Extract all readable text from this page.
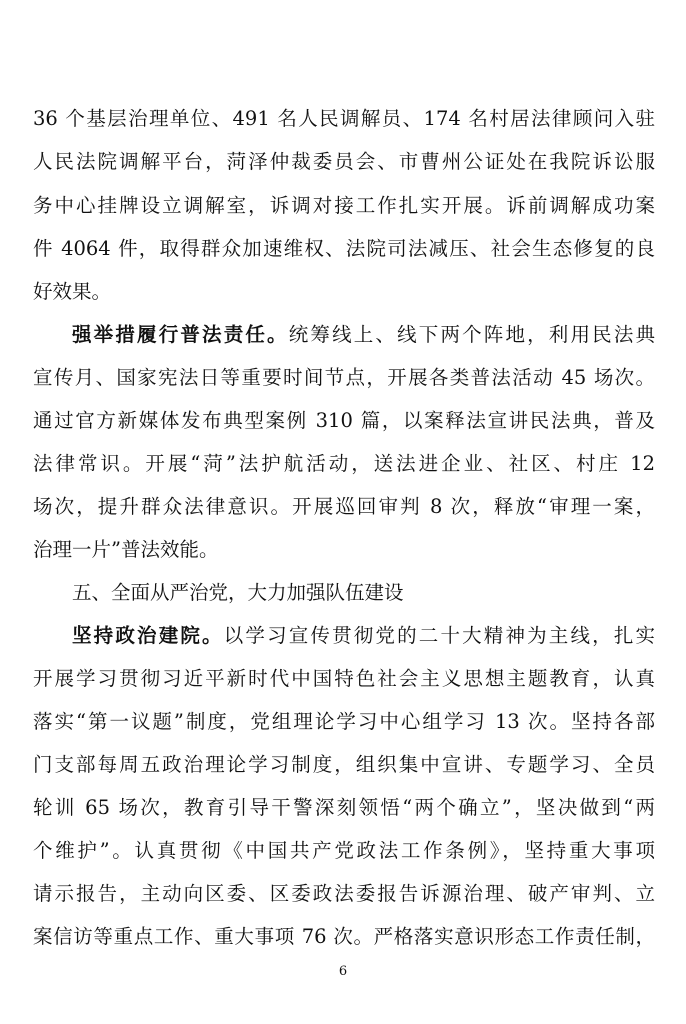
36 个基层治理单位、491 名人民调解员、174 名村居法律顾问入驻
人民法院调解平台，菏泽仲裁委员会、市曹州公证处在我院诉讼服
务中心挂牌设立调解室，诉调对接工作扎实开展。诉前调解成功案
件 4064 件，取得群众加速维权、法院司法减压、社会生态修复的良
好效果。
强举措履行普法责任。统筹线上、线下两个阵地，利用民法典
宣传月、国家宪法日等重要时间节点，开展各类普法活动 45 场次。
通过官方新媒体发布典型案例 310 篇，以案释法宣讲民法典，普及
法律常识。开展“菏”法护航活动，送法进企业、社区、村庄 12
场次，提升群众法律意识。开展巡回审判 8 次，释放“审理一案，
治理一片”普法效能。
五、全面从严治党，大力加强队伍建设
坚持政治建院。以学习宣传贯彻党的二十大精神为主线，扎实
开展学习贯彻习近平新时代中国特色社会主义思想主题教育，认真
落实“第一议题”制度，党组理论学习中心组学习 13 次。坚持各部
门支部每周五政治理论学习制度，组织集中宣讲、专题学习、全员
轮训 65 场次，教育引导干警深刻领悟“两个确立”，坚决做到“两
个维护”。认真贯彻《中国共产党政法工作条例》，坚持重大事项
请示报告，主动向区委、区委政法委报告诉源治理、破产审判、立
案信访等重点工作、重大事项 76 次。严格落实意识形态工作责任制，
6
